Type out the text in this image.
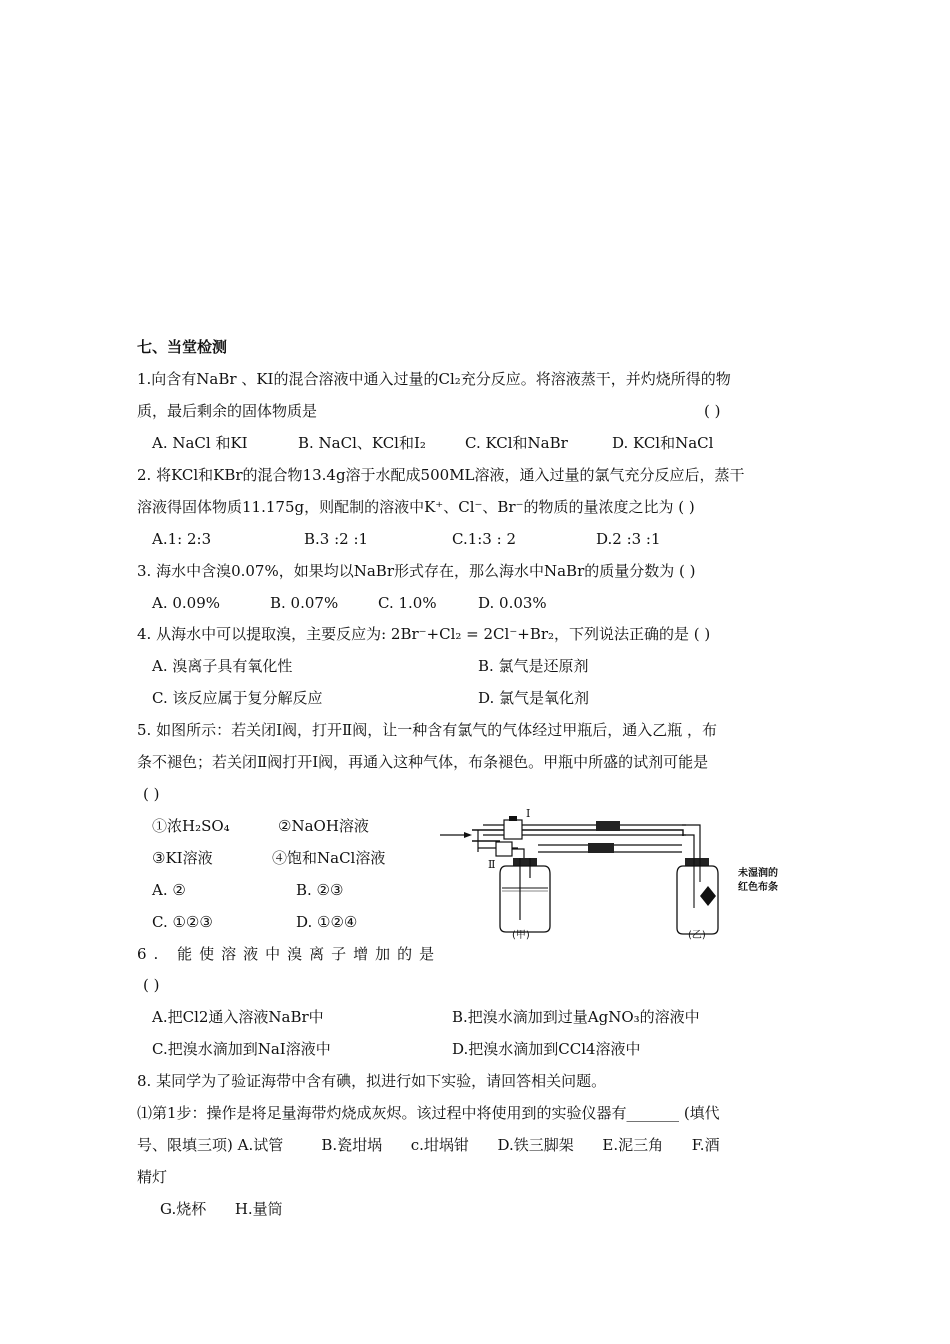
七、当堂检测
1.向含有NaBr 、KI的混合溶液中通入过量的Cl₂充分反应。将溶液蒸干，并灼烧所得的物
质，最后剩余的固体物质是	( )
A. NaCl 和KI	B. NaCl、KCl和I₂	C. KCl和NaBr	D. KCl和NaCl
2. 将KCl和KBr的混合物13.4g溶于水配成500ML溶液，通入过量的氯气充分反应后，蒸干
溶液得固体物质11.175g，则配制的溶液中K⁺、Cl⁻、Br⁻的物质的量浓度之比为 ( )
A.1: 2:3	B.3 :2 :1	C.1:3 : 2	D.2 :3 :1
3. 海水中含溴0.07%，如果均以NaBr形式存在，那么海水中NaBr的质量分数为 ( )
A. 0.09%	B. 0.07%	C. 1.0%	D. 0.03%
4. 从海水中可以提取溴，主要反应为: 2Br⁻+Cl₂ = 2Cl⁻+Br₂，下列说法正确的是 ( )
A. 溴离子具有氧化性	B. 氯气是还原剂
C. 该反应属于复分解反应	D. 氯气是氧化剂
5. 如图所示：若关闭Ⅰ阀，打开Ⅱ阀，让一种含有氯气的气体经过甲瓶后，通入乙瓶 ，布
条不褪色；若关闭Ⅱ阀打开Ⅰ阀，再通入这种气体，布条褪色。甲瓶中所盛的试剂可能是
( )
①浓H₂SO₄	②NaOH溶液
③KI溶液	④饱和NaCl溶液
A. ②	B. ②③
C. ①②③	D. ①②④
Ⅰ
Ⅱ
(甲)	(乙)
未湿润的
红色布条
6. 能使溶液中溴离子增加的是
( )
A.把Cl2通入溶液NaBr中	B.把溴水滴加到过量AgNO₃的溶液中
C.把溴水滴加到NaI溶液中	D.把溴水滴加到CCl4溶液中
8. 某同学为了验证海带中含有碘，拟进行如下实验，请回答相关问题。
⑴第1步：操作是将足量海带灼烧成灰烬。该过程中将使用到的实验仪器有_______ (填代
号、限填三项) A.试管        B.瓷坩埚      c.坩埚钳      D.铁三脚架      E.泥三角      F.酒
精灯
G.烧杯      H.量筒
